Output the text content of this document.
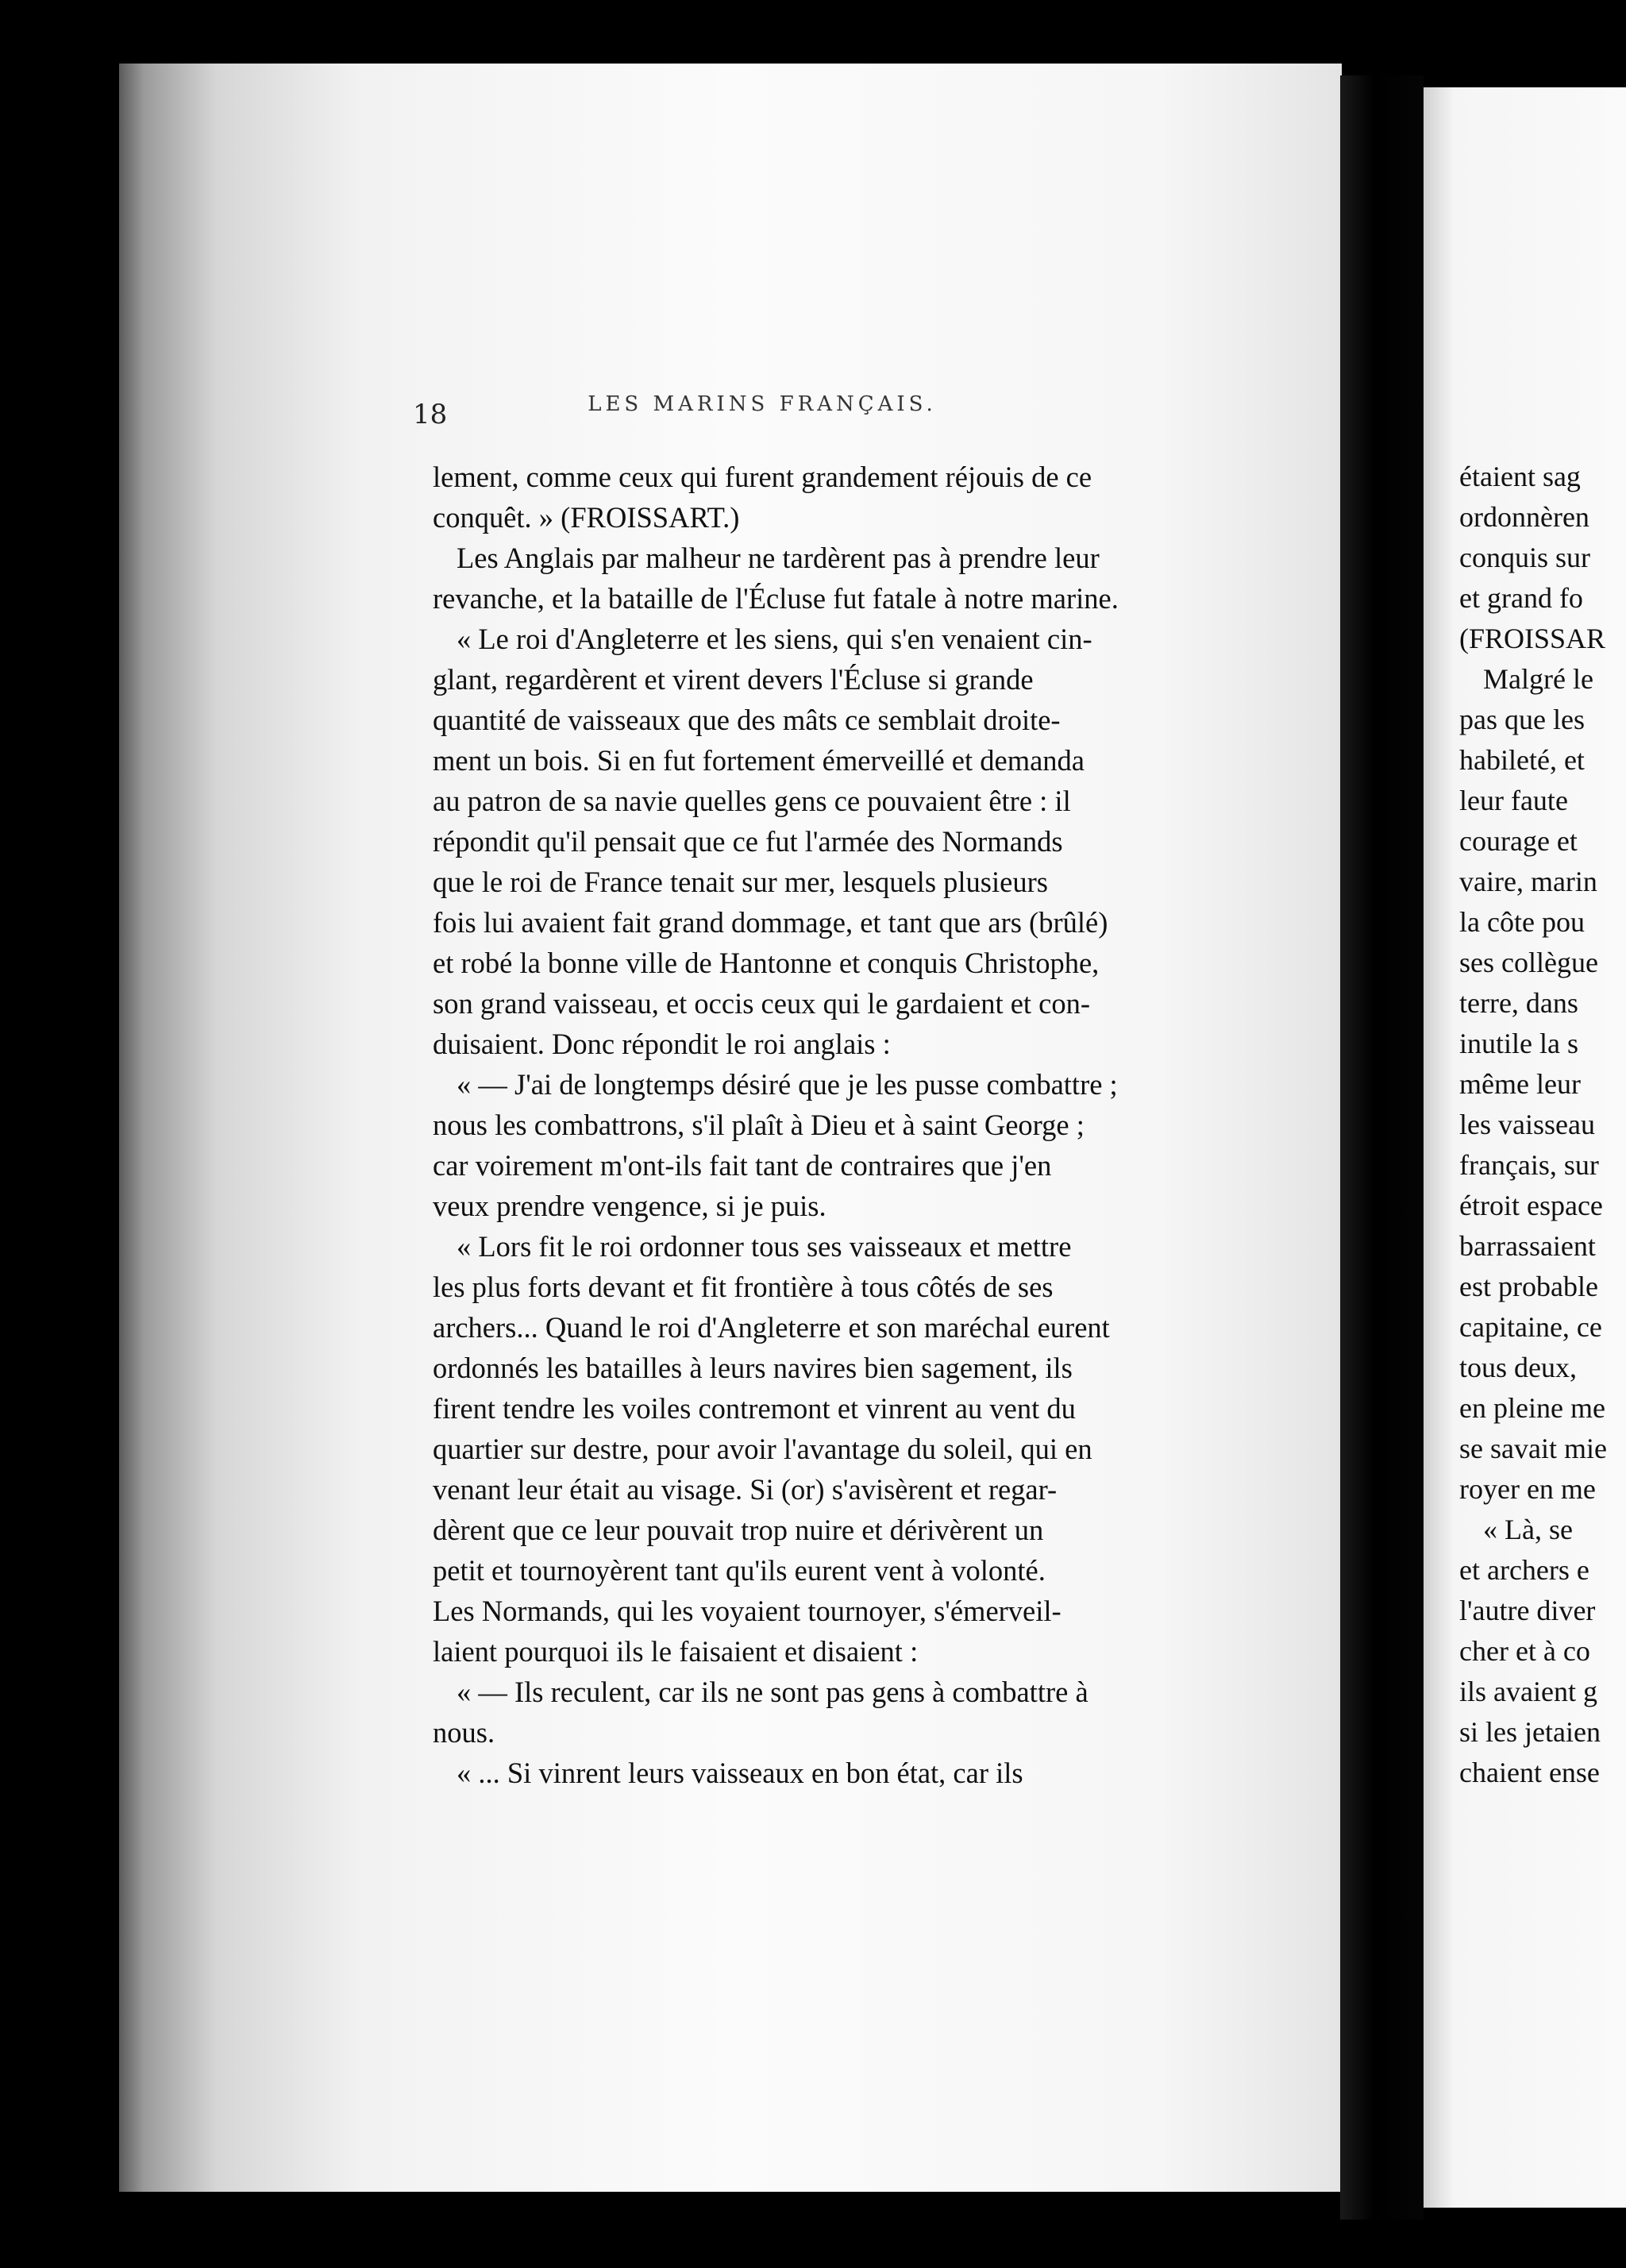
18	LES MARINS FRANÇAIS.
lement, comme ceux qui furent grandement réjouis de ce
conquêt. » (FROISSART.)
Les Anglais par malheur ne tardèrent pas à prendre leur
revanche, et la bataille de l'Écluse fut fatale à notre marine.
« Le roi d'Angleterre et les siens, qui s'en venaient cin-
glant, regardèrent et virent devers l'Écluse si grande
quantité de vaisseaux que des mâts ce semblait droite-
ment un bois. Si en fut fortement émerveillé et demanda
au patron de sa navie quelles gens ce pouvaient être : il
répondit qu'il pensait que ce fut l'armée des Normands
que le roi de France tenait sur mer, lesquels plusieurs
fois lui avaient fait grand dommage, et tant que ars (brûlé)
et robé la bonne ville de Hantonne et conquis Christophe,
son grand vaisseau, et occis ceux qui le gardaient et con-
duisaient. Donc répondit le roi anglais :
« — J'ai de longtemps désiré que je les pusse combattre ;
nous les combattrons, s'il plaît à Dieu et à saint George ;
car voirement m'ont-ils fait tant de contraires que j'en
veux prendre vengence, si je puis.
« Lors fit le roi ordonner tous ses vaisseaux et mettre
les plus forts devant et fit frontière à tous côtés de ses
archers... Quand le roi d'Angleterre et son maréchal eurent
ordonnés les batailles à leurs navires bien sagement, ils
firent tendre les voiles contremont et vinrent au vent du
quartier sur destre, pour avoir l'avantage du soleil, qui en
venant leur était au visage. Si (or) s'avisèrent et regar-
dèrent que ce leur pouvait trop nuire et dérivèrent un
petit et tournoyèrent tant qu'ils eurent vent à volonté.
Les Normands, qui les voyaient tournoyer, s'émerveil-
laient pourquoi ils le faisaient et disaient :
« — Ils reculent, car ils ne sont pas gens à combattre à
nous.
« ... Si vinrent leurs vaisseaux en bon état, car ils
étaient sag
ordonnèren
conquis sur
et grand fo
(FROISSAR
Malgré le
pas que les
habileté, et
leur faute
courage et
vaire, marin
la côte pou
ses collègue
terre, dans
inutile la s
même leur
les vaisseau
français, sur
étroit espace
barrassaient
est probable
capitaine, ce
tous deux,
en pleine me
se savait mie
royer en me
« Là, se
et archers e
l'autre diver
cher et à co
ils avaient g
si les jetaien
chaient ense
